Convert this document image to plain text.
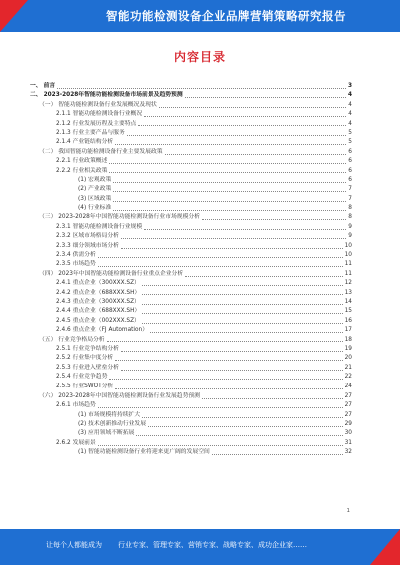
智能功能检测设备企业品牌营销策略研究报告
内容目录
一、 前言	3
二、 2023-2028年智能功能检测设备市场前景及趋势预测	4
（一） 智能功能检测设备行业发展概况及现状	4
2.1.1 智能功能检测设备行业概况	4
2.1.2 行业发展历程及主要特点	4
2.1.3 行业主要产品与服务	5
2.1.4 产业链结构分析	5
（二） 我国智能功能检测设备行业主要发展政策	6
2.2.1 行业政策概述	6
2.2.2 行业相关政策	6
(1) 宏观政策	6
(2) 产业政策	7
(3) 区域政策	7
(4) 行业标准	8
（三） 2023-2028年中国智能功能检测设备行业市场规模分析	8
2.3.1 智能功能检测设备行业规模	9
2.3.2 区域市场格局分析	9
2.3.3 细分领域市场分析	10
2.3.4 供需分析	10
2.3.5 市场趋势	11
（四） 2023年中国智能功能检测设备行业重点企业分析	11
2.4.1 重点企业（300XXX.SZ）	12
2.4.2 重点企业（688XXX.SH）	13
2.4.3 重点企业（300XXX.SZ）	14
2.4.4 重点企业（688XXX.SH）	15
2.4.5 重点企业（002XXX.SZ）	16
2.4.6 重点企业（FJ Automation）	17
（五） 行业竞争格局分析	18
2.5.1 行业竞争结构分析	19
2.5.2 行业集中度分析	20
2.5.3 行业进入壁垒分析	21
2.5.4 行业竞争趋势	22
2.5.5 行业SWOT分析	24
（六） 2023-2028年中国智能功能检测设备行业发展趋势预测	27
2.6.1 市场趋势	27
(1) 市场规模将持续扩大	27
(2) 技术创新推动行业发展	29
(3) 应用领域不断拓展	30
2.6.2 发展前景	31
(1) 智能功能检测设备行业将迎来更广阔的发展空间	32
1
让每个人都能成为 行业专家、管理专家、营销专家、战略专家、成功企业家……
